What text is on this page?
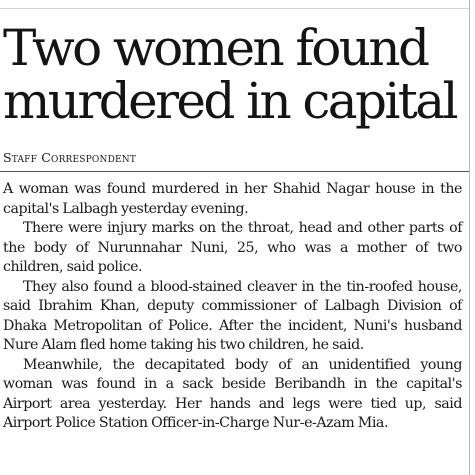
Two women found
murdered in capital

Staff Correspondent

A woman was found murdered in her Shahid Nagar house in the capital's Lalbagh yesterday evening.

There were injury marks on the throat, head and other parts of the body of Nurunnahar Nuni, 25, who was a mother of two children, said police.

They also found a blood-stained cleaver in the tin-roofed house, said Ibrahim Khan, deputy commissioner of Lalbagh Division of Dhaka Metropolitan of Police. After the incident, Nuni's husband Nure Alam fled home taking his two children, he said.

Meanwhile, the decapitated body of an unidentified young woman was found in a sack beside Beribandh in the capital's Airport area yesterday. Her hands and legs were tied up, said Airport Police Station Officer-in-Charge Nur-e-Azam Mia.
